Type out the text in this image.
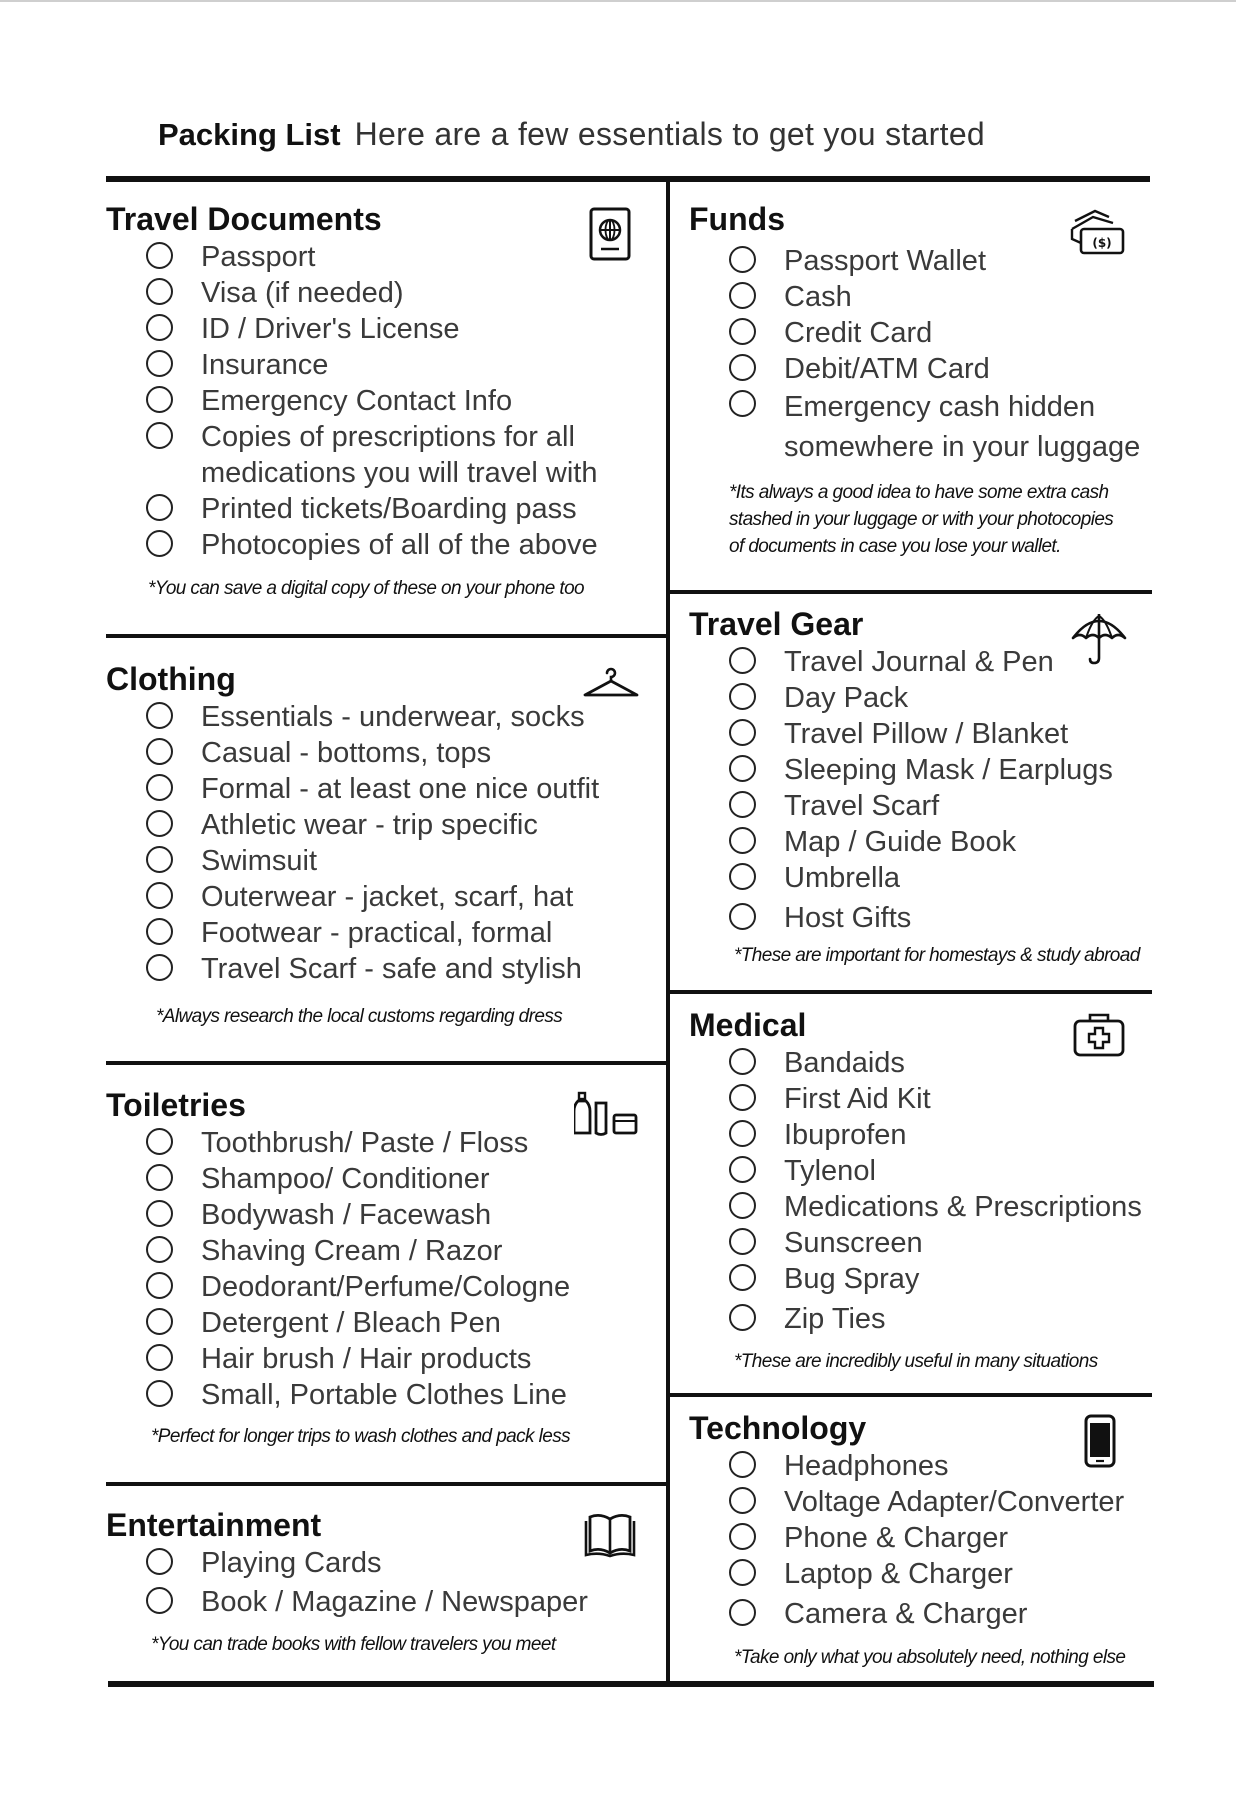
Packing List Here are a few essentials to get you started
Travel Documents
Passport
Visa (if needed)
ID / Driver's License
Insurance
Emergency Contact Info
Copies of prescriptions for all medications you will travel with
Printed tickets/Boarding pass
Photocopies of all of the above
*You can save a digital copy of these on your phone too
Clothing
Essentials - underwear, socks
Casual - bottoms, tops
Formal - at least one nice outfit
Athletic wear - trip specific
Swimsuit
Outerwear - jacket, scarf, hat
Footwear - practical, formal
Travel Scarf - safe and stylish
*Always research the local customs regarding dress
Toiletries
Toothbrush/ Paste / Floss
Shampoo/ Conditioner
Bodywash / Facewash
Shaving Cream / Razor
Deodorant/Perfume/Cologne
Detergent / Bleach Pen
Hair brush / Hair products
Small, Portable Clothes Line
*Perfect for longer trips to wash clothes and pack less
Entertainment
Playing Cards
Book / Magazine / Newspaper
*You can trade books with fellow travelers you meet
Funds
Passport Wallet
Cash
Credit Card
Debit/ATM Card
Emergency cash hidden somewhere in your luggage
*Its always a good idea to have some extra cash stashed in your luggage or with your photocopies of documents in case you lose your wallet.
($)
Travel Gear
Travel Journal & Pen
Day Pack
Travel Pillow / Blanket
Sleeping Mask / Earplugs
Travel Scarf
Map / Guide Book
Umbrella
Host Gifts
*These are important for homestays & study abroad
Medical
Bandaids
First Aid Kit
Ibuprofen
Tylenol
Medications & Prescriptions
Sunscreen
Bug Spray
Zip Ties
*These are incredibly useful in many situations
Technology
Headphones
Voltage Adapter/Converter
Phone & Charger
Laptop & Charger
Camera & Charger
*Take only what you absolutely need, nothing else
